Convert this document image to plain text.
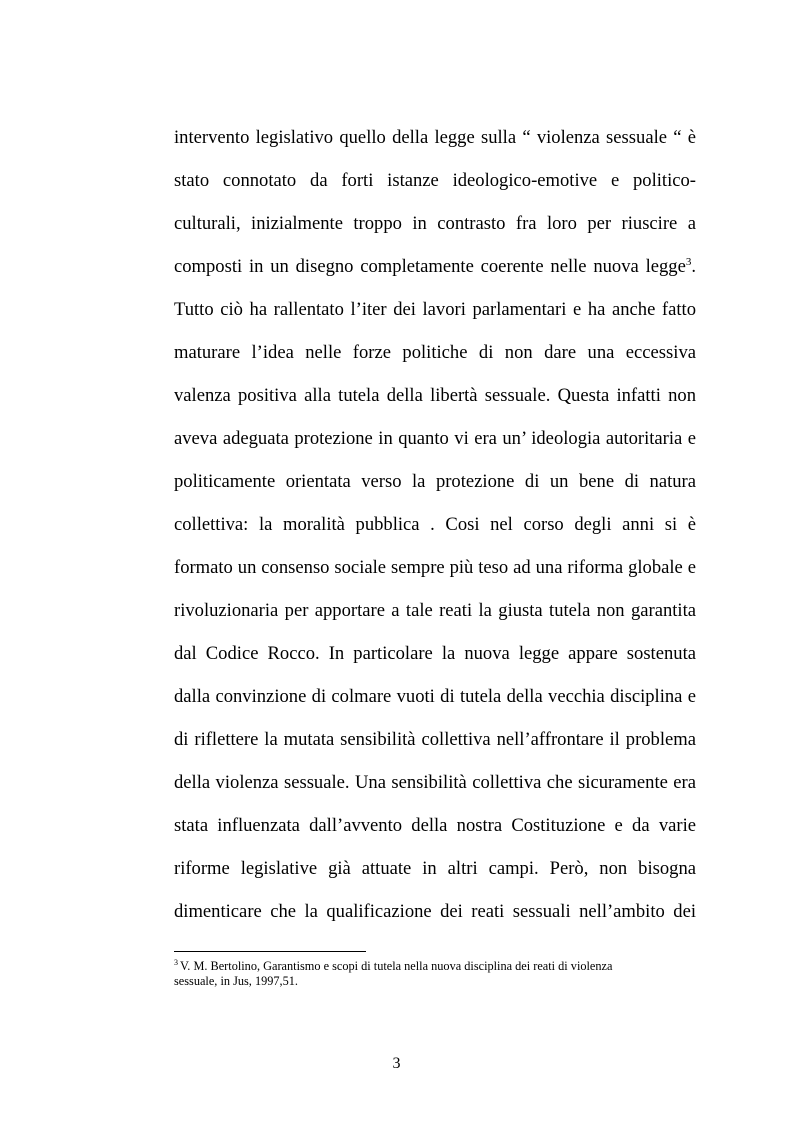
intervento legislativo quello della legge sulla “ violenza sessuale “ è
stato connotato da forti istanze ideologico-emotive e politico-
culturali, inizialmente troppo in contrasto fra loro per riuscire a
composti in un disegno completamente coerente nelle nuova legge$^3$.
Tutto ciò ha rallentato l’iter dei lavori parlamentari e ha anche fatto
maturare l’idea nelle forze politiche di non dare una eccessiva
valenza positiva alla tutela della libertà sessuale. Questa infatti non
aveva adeguata protezione in quanto vi era un’ ideologia autoritaria e
politicamente orientata verso la protezione di un bene di natura
collettiva: la moralità pubblica . Cosi nel corso degli anni si è
formato un consenso sociale sempre più teso ad una riforma globale e
rivoluzionaria per apportare a tale reati la giusta tutela non garantita
dal Codice Rocco. In particolare la nuova legge appare sostenuta
dalla convinzione di colmare vuoti di tutela della vecchia disciplina e
di riflettere la mutata sensibilità collettiva nell’affrontare il problema
della violenza sessuale. Una sensibilità collettiva che sicuramente era
stata influenzata dall’avvento della nostra Costituzione e da varie
riforme legislative già attuate in altri campi. Però, non bisogna
dimenticare che la qualificazione dei reati sessuali nell’ambito dei
$^3$ V. M. Bertolino, Garantismo e scopi di tutela nella nuova disciplina dei reati di violenza
sessuale, in Jus, 1997,51.
3
